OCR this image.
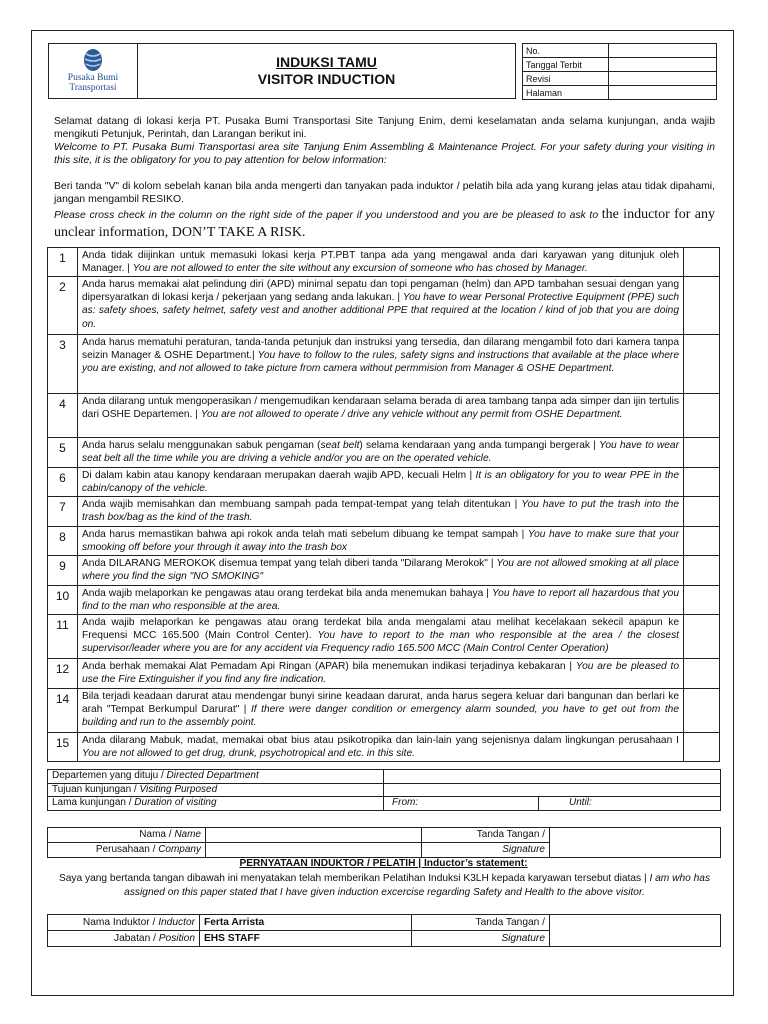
Pusaka Bumi
Transportasi
INDUKSI TAMU
VISITOR INDUCTION
No.	
Tanggal Terbit	
Revisi	
Halaman	

Selamat datang di lokasi kerja PT. Pusaka Bumi Transportasi Site Tanjung Enim, demi keselamatan anda selama kunjungan, anda wajib mengikuti Petunjuk, Perintah, dan Larangan berikut ini.

Welcome to PT. Pusaka Bumi Transportasi area site Tanjung Enim Assembling & Maintenance Project. For your safety during your visiting in this site, it is the obligatory for you to pay attention for below information:

Beri tanda "V" di kolom sebelah kanan bila anda mengerti dan tanyakan pada induktor / pelatih bila ada yang kurang jelas atau tidak dipahami, jangan mengambil RESIKO.

Please cross check in the column on the right side of the paper if you understood and you are be pleased to ask to the inductor for any unclear information, DON’T TAKE A RISK.

1	Anda tidak diijinkan untuk memasuki lokasi kerja PT.PBT tanpa ada yang mengawal anda dari karyawan yang ditunjuk oleh Manager. | You are not allowed to enter the site without any excursion of someone who has chosed by Manager.	
2	Anda harus memakai alat pelindung diri (APD) minimal sepatu dan topi pengaman (helm) dan APD tambahan sesuai dengan yang dipersyaratkan di lokasi kerja / pekerjaan yang sedang anda lakukan. | You have to wear Personal Protective Equipment (PPE) such as: safety shoes, safety helmet, safety vest and another additional PPE that required at the location / kind of job that you are doing on.	
3	Anda harus mematuhi peraturan, tanda-tanda petunjuk dan instruksi yang tersedia, dan dilarang mengambil foto dari kamera tanpa seizin Manager & OSHE Department.| You have to follow to the rules, safety signs and instructions that available at the place where you are existing, and not allowed to take picture from camera without permmision from Manager & OSHE Department.	
4	Anda dilarang untuk mengoperasikan / mengemudikan kendaraan selama berada di area tambang tanpa ada simper dan ijin tertulis dari OSHE Departemen. | You are not allowed to operate / drive any vehicle without any permit from OSHE Department.	
5	Anda harus selalu menggunakan sabuk pengaman (seat belt) selama kendaraan yang anda tumpangi bergerak | You have to wear seat belt all the time while you are driving a vehicle and/or you are on the operated vehicle.	
6	Di dalam kabin atau kanopy kendaraan merupakan daerah wajib APD, kecuali Helm | It is an obligatory for you to wear PPE in the cabin/canopy of the vehicle.	
7	Anda wajib memisahkan dan membuang sampah pada tempat-tempat yang telah ditentukan | You have to put the trash into the trash box/bag as the kind of the trash.	
8	Anda harus memastikan bahwa api rokok anda telah mati sebelum dibuang ke tempat sampah | You have to make sure that your smooking off before your through it away into the trash box	
9	Anda DILARANG MEROKOK disemua tempat yang telah diberi tanda "Dilarang Merokok" | You are not allowed smoking at all place where you find the sign "NO SMOKING"	
10	Anda wajib melaporkan ke pengawas atau orang terdekat bila anda menemukan bahaya | You have to report all hazardous that you find to the man who responsible at the area.	
11	Anda wajib melaporkan ke pengawas atau orang terdekat bila anda mengalami atau melihat kecelakaan sekecil apapun ke Frequensi MCC 165.500 (Main Control Center). You have to report to the man who responsible at the area / the closest supervisor/leader where you are for any accident via Frequency radio 165.500 MCC (Main Control Center Operation)	
12	Anda berhak memakai Alat Pemadam Api Ringan (APAR) bila menemukan indikasi terjadinya kebakaran | You are be pleased to use the Fire Extinguisher if you find any fire indication.	
14	Bila terjadi keadaan darurat atau mendengar bunyi sirine keadaan darurat, anda harus segera keluar dari bangunan dan berlari ke arah "Tempat Berkumpul Darurat" | If there were danger condition or emergency alarm sounded, you have to get out from the building and run to the assembly point.	
15	Anda dilarang Mabuk, madat, memakai obat bius atau psikotropika dan lain-lain yang sejenisnya dalam lingkungan perusahaan I You are not allowed to get drug, drunk, psychotropical and etc. in this site.	
Departemen yang dituju / Directed Department		
Tujuan kunjungan / Visiting Purposed		
Lama kunjungan / Duration of visiting	From:	Until:
Nama / Name		Tanda Tangan /	
Perusahaan / Company		Signature	
PERNYATAAN INDUKTOR / PELATIH | Inductor’s statement:
Saya yang bertanda tangan dibawah ini menyatakan telah memberikan Pelatihan Induksi K3LH kepada karyawan tersebut diatas | I am who has assigned on this paper stated that I have given induction excercise regarding Safety and Health to the above visitor.
Nama Induktor / Inductor	Ferta Arrista	Tanda Tangan /	
Jabatan / Position	EHS STAFF	Signature	
